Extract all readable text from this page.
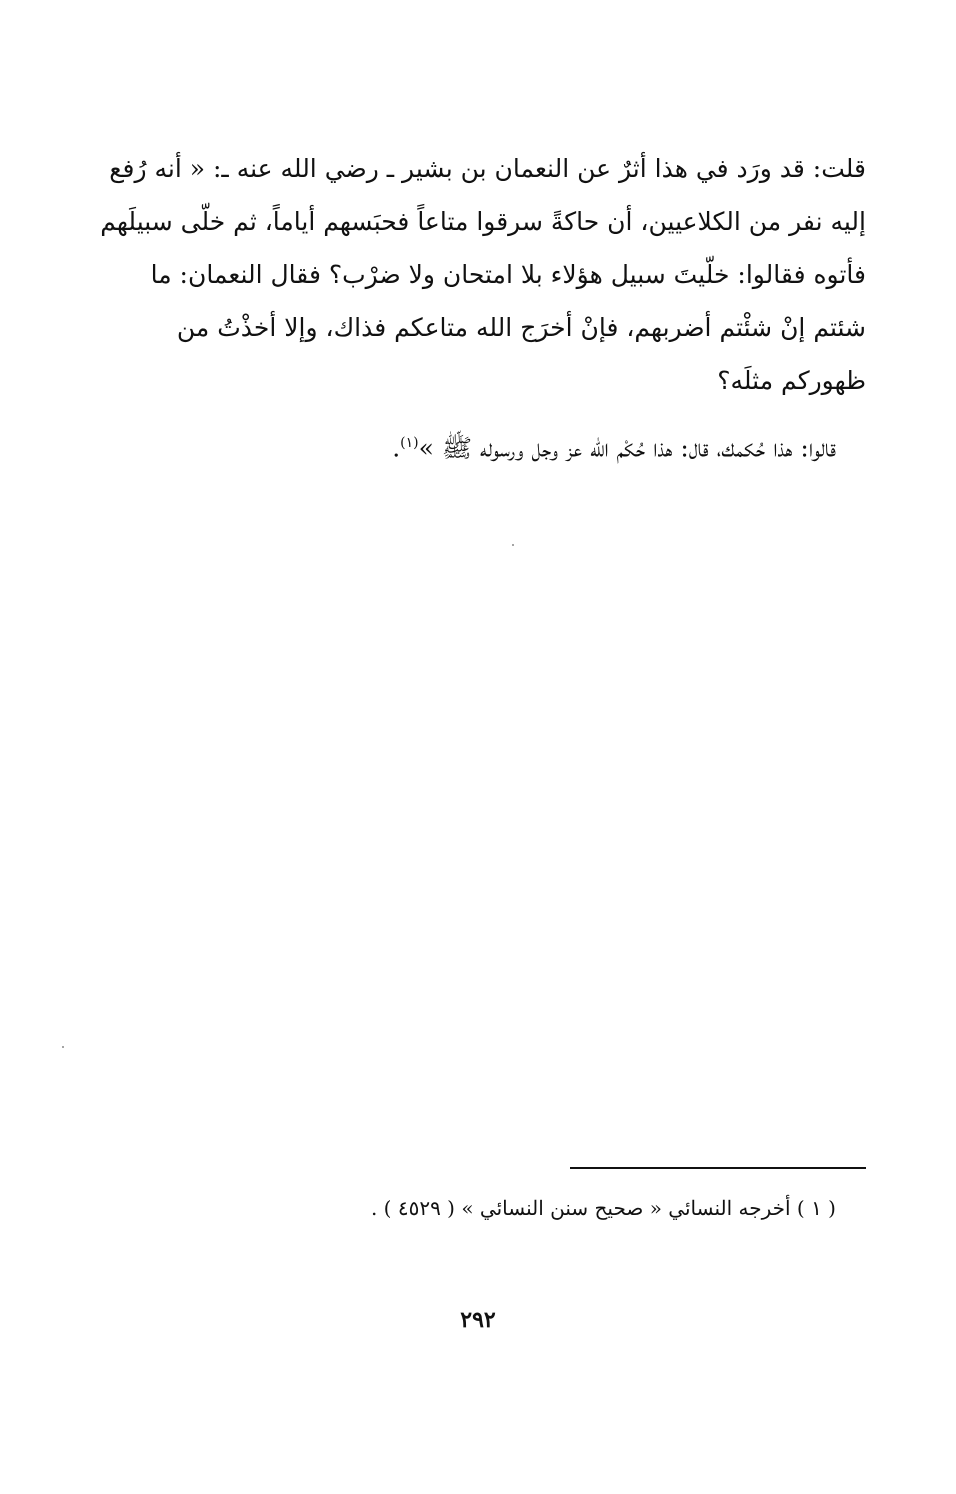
قلت: قد ورَد في هذا أثرٌ عن النعمان بن بشير ـ رضي الله عنه ـ: « أنه رُفع
إليه نفر من الكلاعيين، أن حاكةً سرقوا متاعاً فحبَسهم أياماً، ثم خلّى سبيلَهم
فأتوه فقالوا: خلّيتَ سبيل هؤلاء بلا امتحان ولا ضرْب؟ فقال النعمان: ما
شئتم إنْ شئْتم أضربهم، فإنْ أخرَج الله متاعكم فذاك، وإلا أخذْتُ من
ظهوركم مثلَه؟

قالوا: هذا حُكمك، قال: هذا حُكْم الله عز وجل ورسوله ﷺ »$^{(١)}$.

( ١ ) أخرجه النسائي « صحيح سنن النسائي » ( ٤٥٢٩ ) .
٢٩٢
